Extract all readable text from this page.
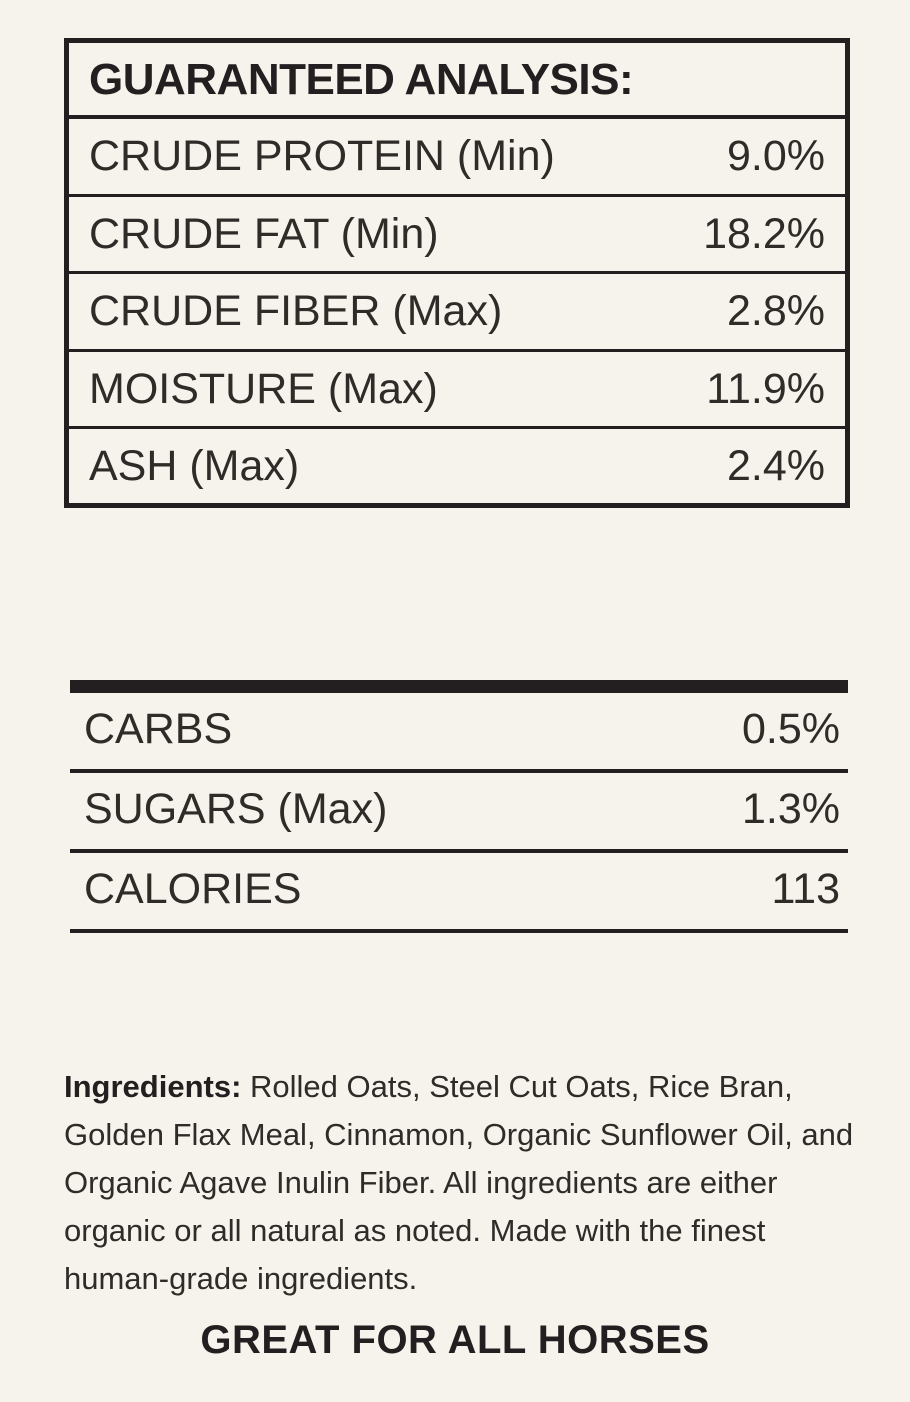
GUARANTEED ANALYSIS:
CRUDE PROTEIN (Min)	9.0%
CRUDE FAT (Min)	18.2%
CRUDE FIBER (Max)	2.8%
MOISTURE (Max)	11.9%
ASH (Max)	2.4%
CARBS	0.5%
SUGARS (Max)	1.3%
CALORIES	113

Ingredients: Rolled Oats, Steel Cut Oats, Rice Bran, Golden Flax Meal, Cinnamon, Organic Sunflower Oil, and Organic Agave Inulin Fiber. All ingredients are either organic or all natural as noted. Made with the finest human-grade ingredients.

GREAT FOR ALL HORSES
